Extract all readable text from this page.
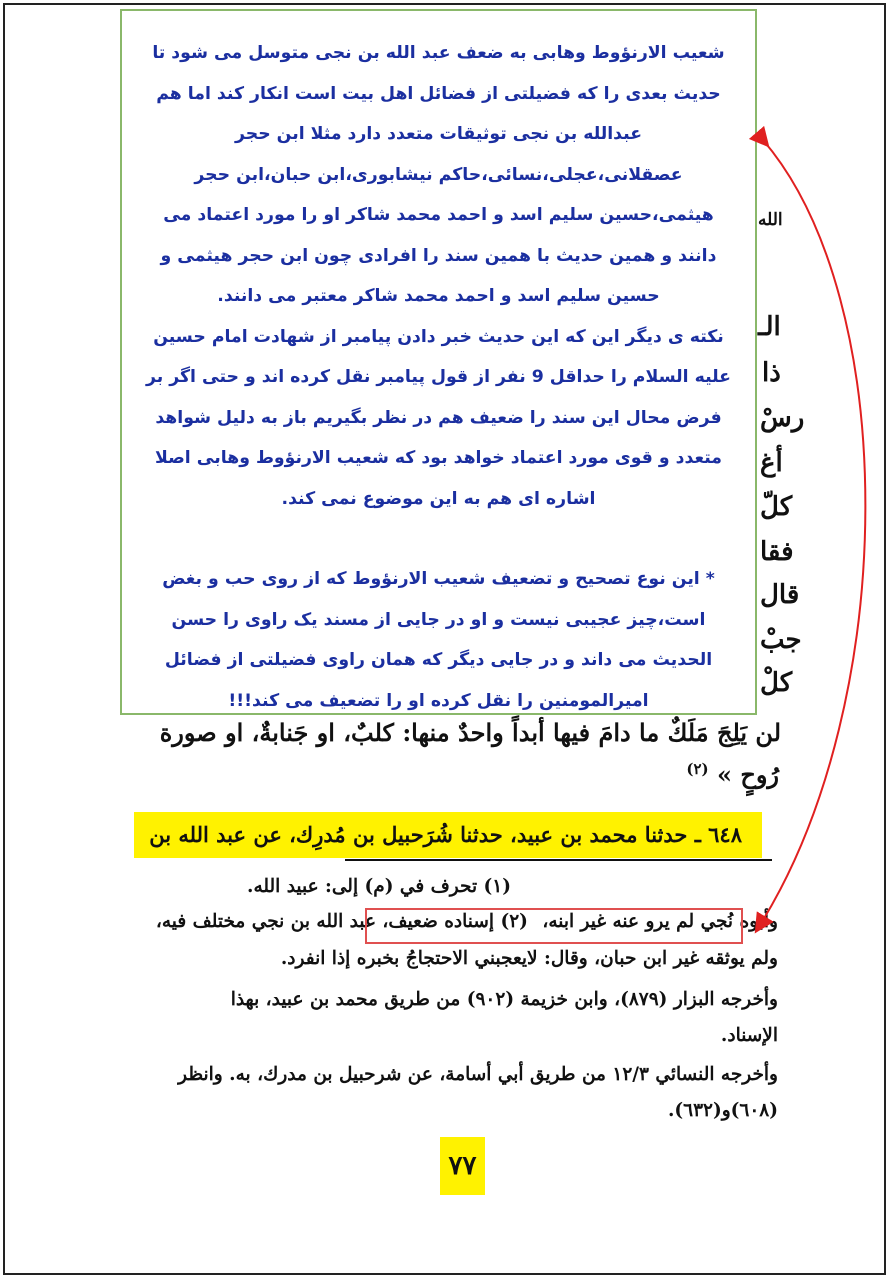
الله
الـ
ذا
رسْ
أغ
كلّ
فقا
قال
جبْ
كلْ

شعیب الارنؤوط وهابی به ضعف عبد الله بن نجی متوسل می شود تا حدیث بعدی را که فضیلتی از فضائل اهل بیت است انکار کند اما هم عبدالله بن نجی توثیقات متعدد دارد مثلا ابن حجر عصقلانی،عجلی،نسائی،حاکم نیشابوری،ابن حبان،ابن حجر هیثمی،حسین سلیم اسد و احمد محمد شاکر او را مورد اعتماد می دانند و همین حدیث با همین سند را افرادی چون ابن حجر هیثمی و حسین سلیم اسد و احمد محمد شاکر معتبر می دانند.

نکته ی دیگر این که این حدیث خبر دادن پیامبر از شهادت امام حسین علیه السلام را حداقل 9 نفر از قول پیامبر نقل کرده اند و حتی اگر بر فرض محال این سند را ضعیف هم در نظر بگیریم باز به دلیل شواهد متعدد و قوی مورد اعتماد خواهد بود که شعیب الارنؤوط وهابی اصلا اشاره ای هم به این موضوع نمی کند.

* این نوع تصحیح و تضعیف شعیب الارنؤوط که از روی حب و بغض است،چیز عجیبی نیست و او در جایی از مسند یک راوی را حسن الحدیث می داند و در جایی دیگر که همان راوی فضیلتی از فضائل امیرالمومنین را نقل کرده او را تضعیف می کند!!!

لن يَلِجَ مَلَكٌ ما دامَ فيها أبداً واحدٌ منها: كلبٌ، او جَنابةٌ، او صورة
رُوحٍ » $^{(٢)}$
٦٤٨ ـ حدثنا محمد بن عبيد، حدثنا شُرَحبيل بن مُدرِك، عن عبد الله بن
(١) تحرف في (م) إلى: عبيد الله.
وأبوه نُجي لم يرو عنه غير ابنه، (٢) إسناده ضعيف، عبد الله بن نجي مختلف فيه،
ولم يوثقه غير ابن حبان، وقال: لايعجبني الاحتجاجُ بخبره إذا انفرد.
وأخرجه البزار (٨٧٩)، وابن خزيمة (٩٠٢) من طريق محمد بن عبيد، بهذا
الإسناد.
وأخرجه النسائي ١٢/٣ من طريق أبي أسامة، عن شرحبيل بن مدرك، به. وانظر
(٦٠٨)و(٦٣٢).
٧٧
